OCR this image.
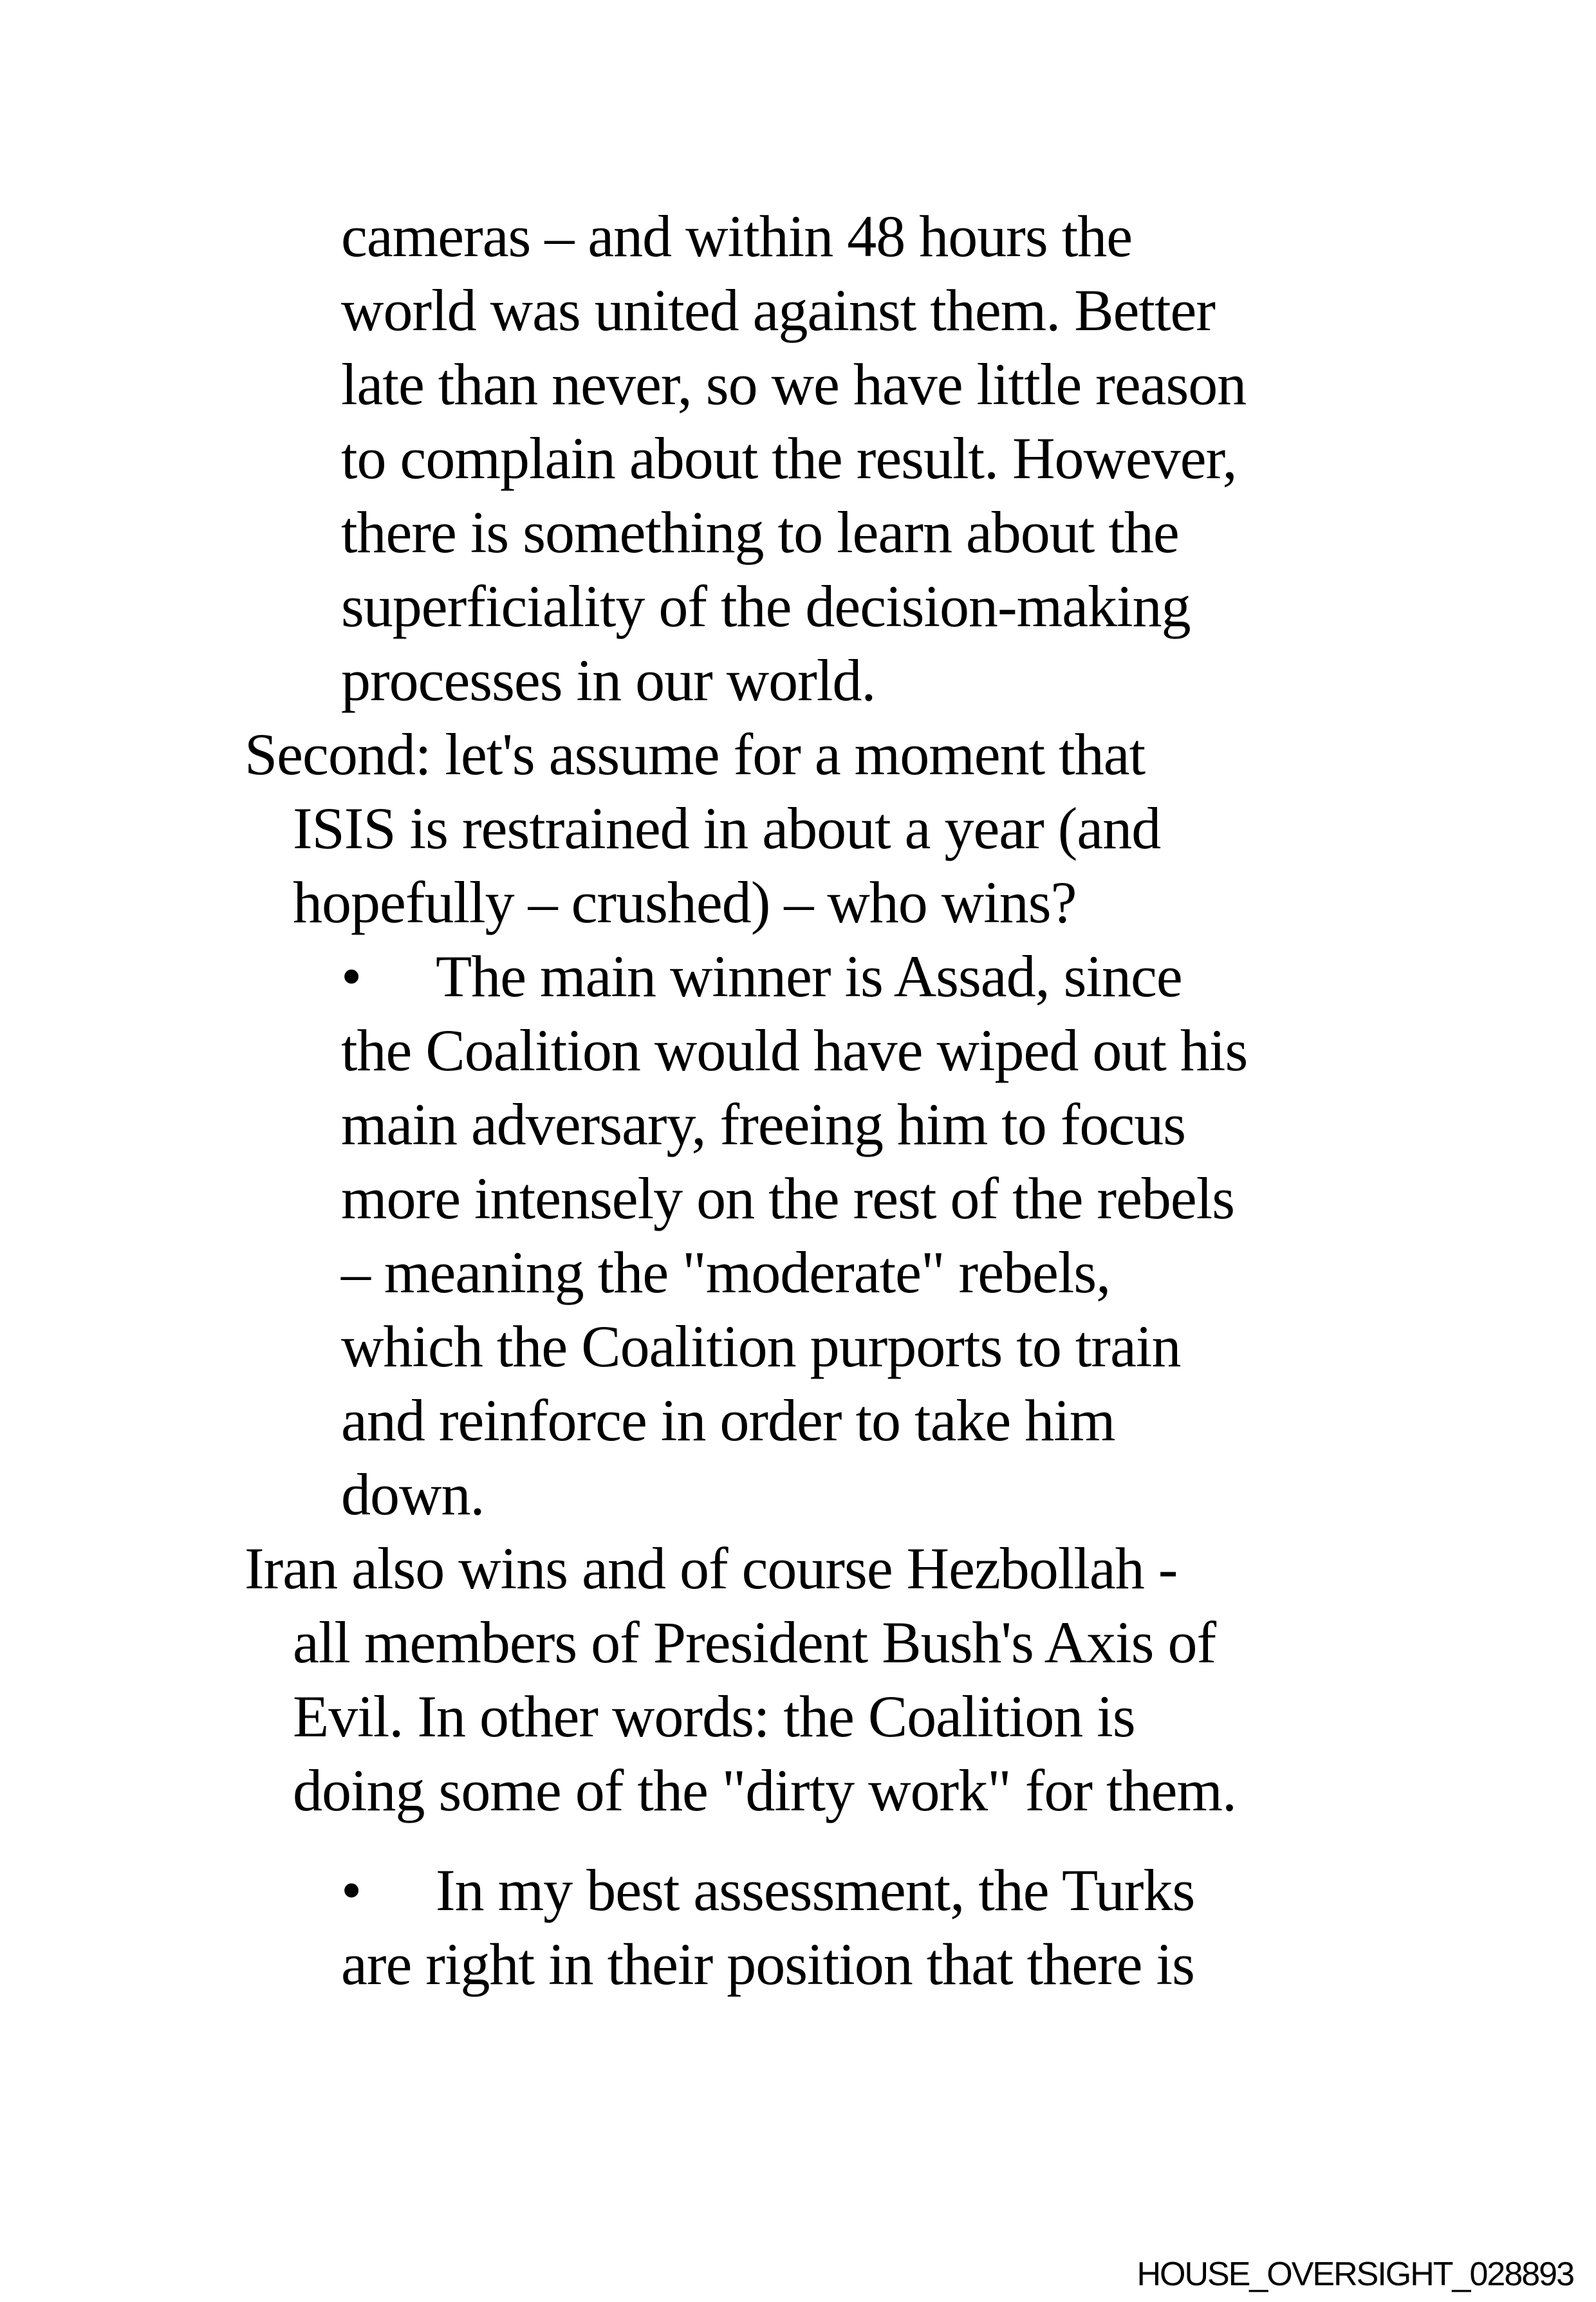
cameras – and within 48 hours the
world was united against them. Better
late than never, so we have little reason
to complain about the result. However,
there is something to learn about the
superficiality of the decision-making
processes in our world.
Second: let's assume for a moment that
ISIS is restrained in about a year (and
hopefully – crushed) – who wins?
• The main winner is Assad, since
the Coalition would have wiped out his
main adversary, freeing him to focus
more intensely on the rest of the rebels
– meaning the "moderate" rebels,
which the Coalition purports to train
and reinforce in order to take him
down.
Iran also wins and of course Hezbollah -
all members of President Bush's Axis of
Evil. In other words: the Coalition is
doing some of the "dirty work" for them.
• In my best assessment, the Turks
are right in their position that there is
HOUSE_OVERSIGHT_028893
